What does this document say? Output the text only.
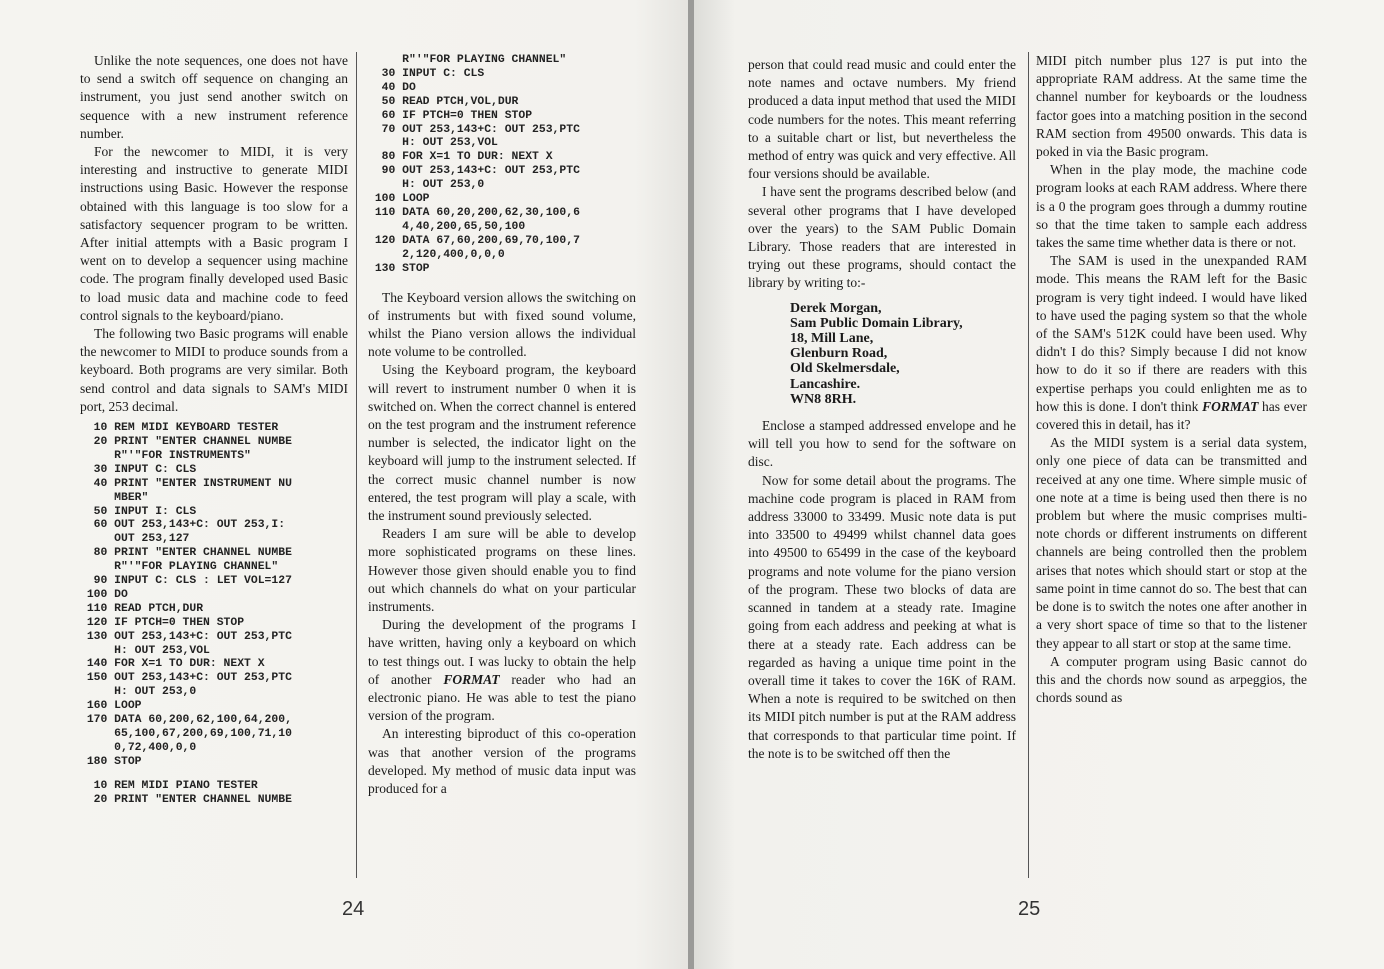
Unlike the note sequences, one does not have to send a switch off sequence on changing an instrument, you just send another switch on sequence with a new instrument reference number.

For the newcomer to MIDI, it is very interesting and instructive to generate MIDI instructions using Basic. However the response obtained with this language is too slow for a satisfactory sequencer program to be written. After initial attempts with a Basic program I went on to develop a sequencer using machine code. The program finally developed used Basic to load music data and machine code to feed control signals to the keyboard/piano.

The following two Basic programs will enable the newcomer to MIDI to produce sounds from a keyboard. Both programs are very similar. Both send control and data signals to SAM's MIDI port, 253 decimal.

10 REM MIDI KEYBOARD TESTER
20 PRINT "ENTER CHANNEL NUMBE
R"'"FOR INSTRUMENTS"
30 INPUT C: CLS
40 PRINT "ENTER INSTRUMENT NU
MBER"
50 INPUT I: CLS
60 OUT 253,143+C: OUT 253,I:
OUT 253,127
80 PRINT "ENTER CHANNEL NUMBE
R"'"FOR PLAYING CHANNEL"
90 INPUT C: CLS : LET VOL=127
100 DO
110 READ PTCH,DUR
120 IF PTCH=0 THEN STOP
130 OUT 253,143+C: OUT 253,PTC
H: OUT 253,VOL
140 FOR X=1 TO DUR: NEXT X
150 OUT 253,143+C: OUT 253,PTC
H: OUT 253,0
160 LOOP
170 DATA 60,200,62,100,64,200,
65,100,67,200,69,100,71,10
0,72,400,0,0
180 STOP
10 REM MIDI PIANO TESTER
20 PRINT "ENTER CHANNEL NUMBE
R"'"FOR PLAYING CHANNEL"
30 INPUT C: CLS
40 DO
50 READ PTCH,VOL,DUR
60 IF PTCH=0 THEN STOP
70 OUT 253,143+C: OUT 253,PTC
H: OUT 253,VOL
80 FOR X=1 TO DUR: NEXT X
90 OUT 253,143+C: OUT 253,PTC
H: OUT 253,0
100 LOOP
110 DATA 60,20,200,62,30,100,6
4,40,200,65,50,100
120 DATA 67,60,200,69,70,100,7
2,120,400,0,0,0
130 STOP

The Keyboard version allows the switching on of instruments but with fixed sound volume, whilst the Piano version allows the individual note volume to be controlled.

Using the Keyboard program, the keyboard will revert to instrument number 0 when it is switched on. When the correct channel is entered on the test program and the instrument reference number is selected, the indicator light on the keyboard will jump to the instrument selected. If the correct music channel number is now entered, the test program will play a scale, with the instrument sound previously selected.

Readers I am sure will be able to develop more sophisticated programs on these lines. However those given should enable you to find out which channels do what on your particular instruments.

During the development of the programs I have written, having only a keyboard on which to test things out. I was lucky to obtain the help of another FORMAT reader who had an electronic piano. He was able to test the piano version of the program.

An interesting biproduct of this co-operation was that another version of the programs developed. My method of music data input was produced for a

24

person that could read music and could enter the note names and octave numbers. My friend produced a data input method that used the MIDI code numbers for the notes. This meant referring to a suitable chart or list, but nevertheless the method of entry was quick and very effective. All four versions should be available.

I have sent the programs described below (and several other programs that I have developed over the years) to the SAM Public Domain Library. Those readers that are interested in trying out these programs, should contact the library by writing to:-

Derek Morgan,
Sam Public Domain Library,
18, Mill Lane,
Glenburn Road,
Old Skelmersdale,
Lancashire.
WN8 8RH.

Enclose a stamped addressed envelope and he will tell you how to send for the software on disc.

Now for some detail about the programs. The machine code program is placed in RAM from address 33000 to 33499. Music note data is put into 33500 to 49499 whilst channel data goes into 49500 to 65499 in the case of the keyboard programs and note volume for the piano version of the program. These two blocks of data are scanned in tandem at a steady rate. Imagine going from each address and peeking at what is there at a steady rate. Each address can be regarded as having a unique time point in the overall time it takes to cover the 16K of RAM. When a note is required to be switched on then its MIDI pitch number is put at the RAM address that corresponds to that particular time point. If the note is to be switched off then the

MIDI pitch number plus 127 is put into the appropriate RAM address. At the same time the channel number for keyboards or the loudness factor goes into a matching position in the second RAM section from 49500 onwards. This data is poked in via the Basic program.

When in the play mode, the machine code program looks at each RAM address. Where there is a 0 the program goes through a dummy routine so that the time taken to sample each address takes the same time whether data is there or not.

The SAM is used in the unexpanded RAM mode. This means the RAM left for the Basic program is very tight indeed. I would have liked to have used the paging system so that the whole of the SAM's 512K could have been used. Why didn't I do this? Simply because I did not know how to do it so if there are readers with this expertise perhaps you could enlighten me as to how this is done. I don't think FORMAT has ever covered this in detail, has it?

As the MIDI system is a serial data system, only one piece of data can be transmitted and received at any one time. Where simple music of one note at a time is being used then there is no problem but where the music comprises multi-note chords or different instruments on different channels are being controlled then the problem arises that notes which should start or stop at the same point in time cannot do so. The best that can be done is to switch the notes one after another in a very short space of time so that to the listener they appear to all start or stop at the same time.

A computer program using Basic cannot do this and the chords now sound as arpeggios, the chords sound as

25
